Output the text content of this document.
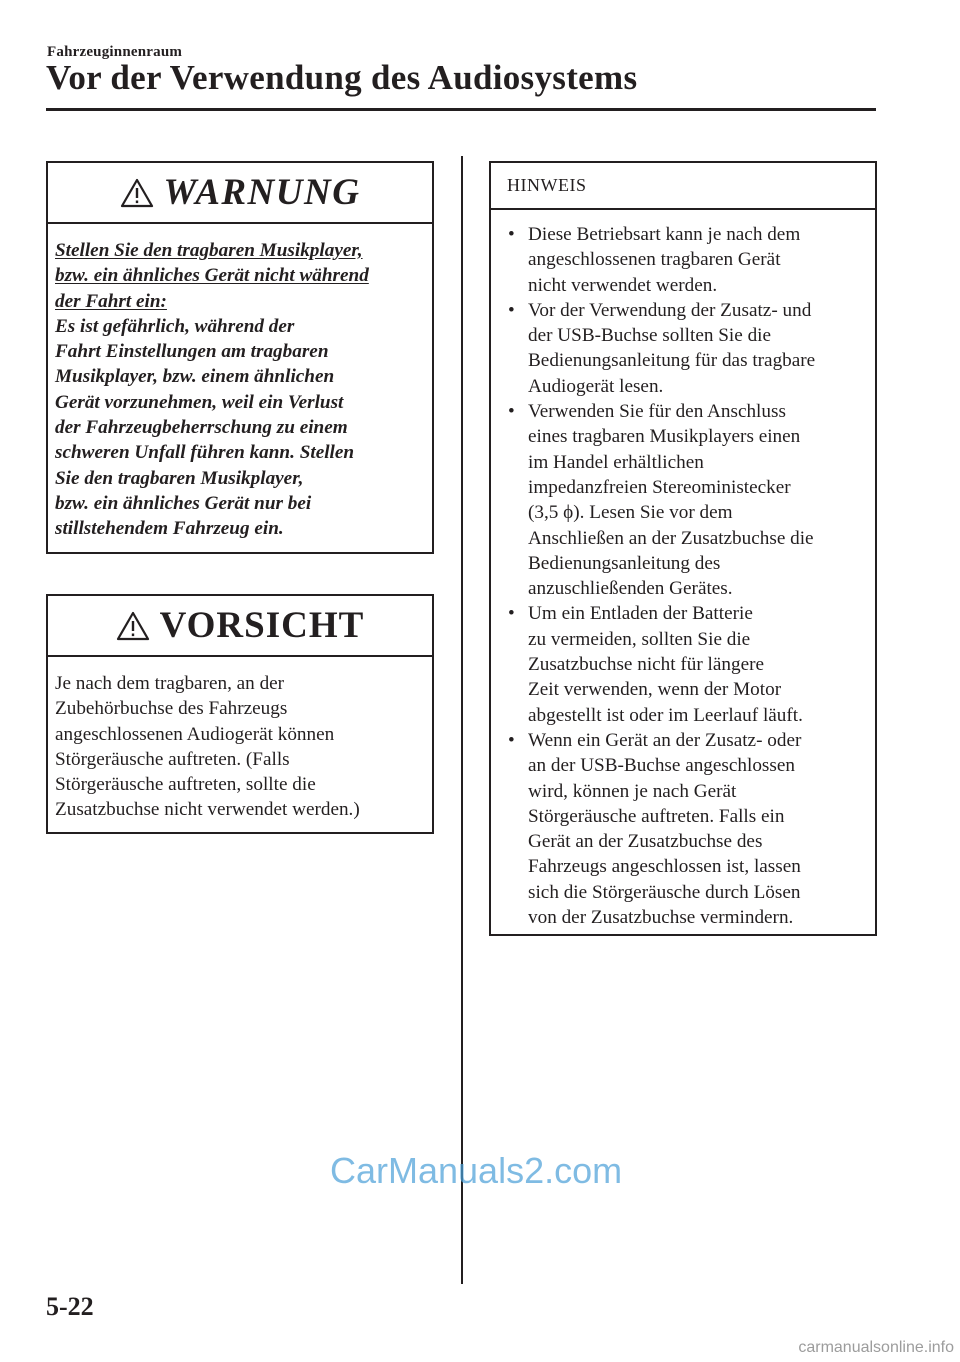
Fahrzeuginnenraum
Vor der Verwendung des Audiosystems
WARNUNG
Stellen Sie den tragbaren Musikplayer,
bzw. ein ähnliches Gerät nicht während
der Fahrt ein:
Es ist gefährlich, während der
Fahrt Einstellungen am tragbaren
Musikplayer, bzw. einem ähnlichen
Gerät vorzunehmen, weil ein Verlust
der Fahrzeugbeherrschung zu einem
schweren Unfall führen kann. Stellen
Sie den tragbaren Musikplayer,
bzw. ein ähnliches Gerät nur bei
stillstehendem Fahrzeug ein.
VORSICHT
Je nach dem tragbaren, an der
Zubehörbuchse des Fahrzeugs
angeschlossenen Audiogerät können
Störgeräusche auftreten. (Falls
Störgeräusche auftreten, sollte die
Zusatzbuchse nicht verwendet werden.)
HINWEIS
• Diese Betriebsart kann je nach dem
angeschlossenen tragbaren Gerät
nicht verwendet werden.
• Vor der Verwendung der Zusatz- und
der USB-Buchse sollten Sie die
Bedienungsanleitung für das tragbare
Audiogerät lesen.
• Verwenden Sie für den Anschluss
eines tragbaren Musikplayers einen
im Handel erhältlichen
impedanzfreien Stereoministecker
(3,5 ϕ). Lesen Sie vor dem
Anschließen an der Zusatzbuchse die
Bedienungsanleitung des
anzuschließenden Gerätes.
• Um ein Entladen der Batterie
zu vermeiden, sollten Sie die
Zusatzbuchse nicht für längere
Zeit verwenden, wenn der Motor
abgestellt ist oder im Leerlauf läuft.
• Wenn ein Gerät an der Zusatz- oder
an der USB-Buchse angeschlossen
wird, können je nach Gerät
Störgeräusche auftreten. Falls ein
Gerät an der Zusatzbuchse des
Fahrzeugs angeschlossen ist, lassen
sich die Störgeräusche durch Lösen
von der Zusatzbuchse vermindern.
CarManuals2.com
5-22
carmanualsonline.info
